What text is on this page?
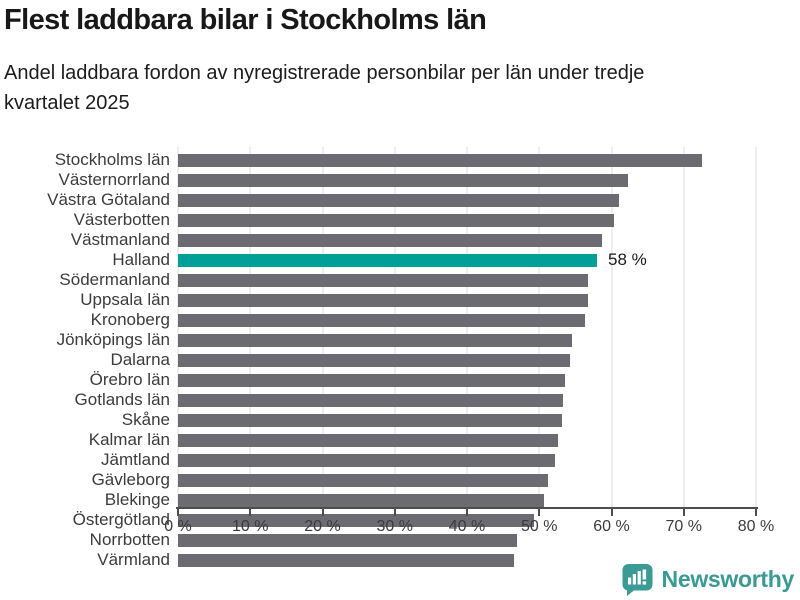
Flest laddbara bilar i Stockholms län

Andel laddbara fordon av nyregistrerade personbilar per län under tredje
kvartalet 2025

Stockholms län
Västernorrland
Västra Götaland
Västerbotten
Västmanland
Halland	58 %
Södermanland
Uppsala län
Kronoberg
Jönköpings län
Dalarna
Örebro län
Gotlands län
Skåne
Kalmar län
Jämtland
Gävleborg
Blekinge
Östergötland
Norrbotten
Värmland
0 %	10 % 20 % 30 % 40 % 50 % 60 % 70 % 80 %
Newsworthy
